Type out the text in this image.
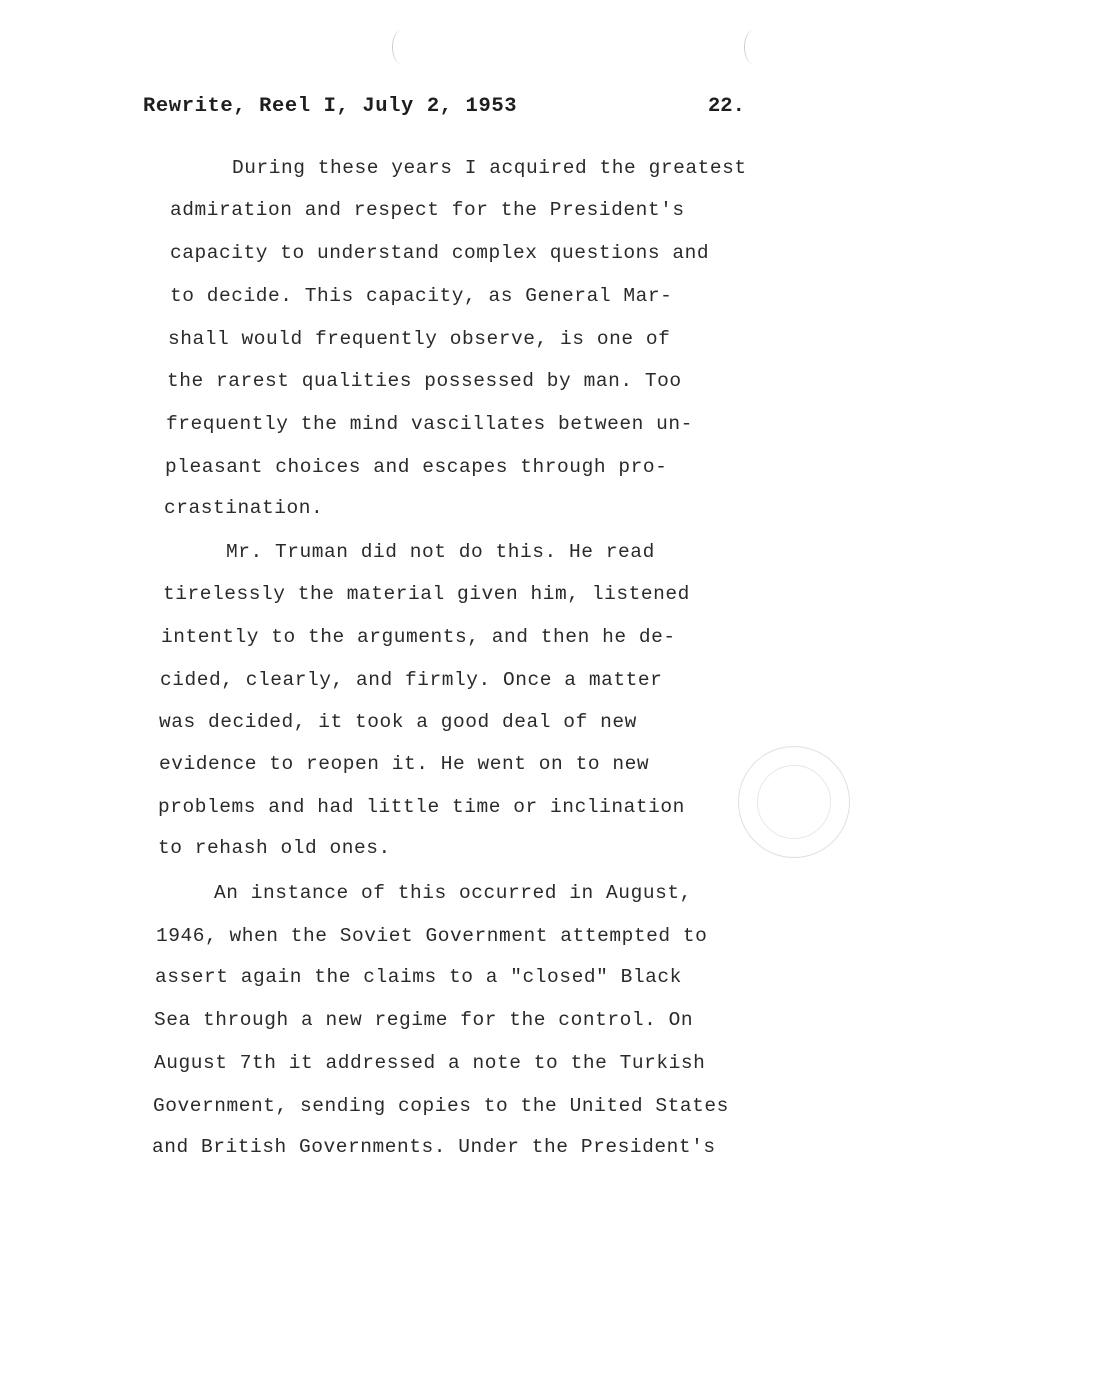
Rewrite, Reel I, July 2, 1953	22.
During these years I acquired the greatest
admiration and respect for the President's
capacity to understand complex questions and
to decide. This capacity, as General Mar-
shall would frequently observe, is one of
the rarest qualities possessed by man. Too
frequently the mind vascillates between un-
pleasant choices and escapes through pro-
crastination.
Mr. Truman did not do this. He read
tirelessly the material given him, listened
intently to the arguments, and then he de-
cided, clearly, and firmly. Once a matter
was decided, it took a good deal of new
evidence to reopen it. He went on to new
problems and had little time or inclination
to rehash old ones.
An instance of this occurred in August,
1946, when the Soviet Government attempted to
assert again the claims to a "closed" Black
Sea through a new regime for the control. On
August 7th it addressed a note to the Turkish
Government, sending copies to the United States
and British Governments. Under the President's
